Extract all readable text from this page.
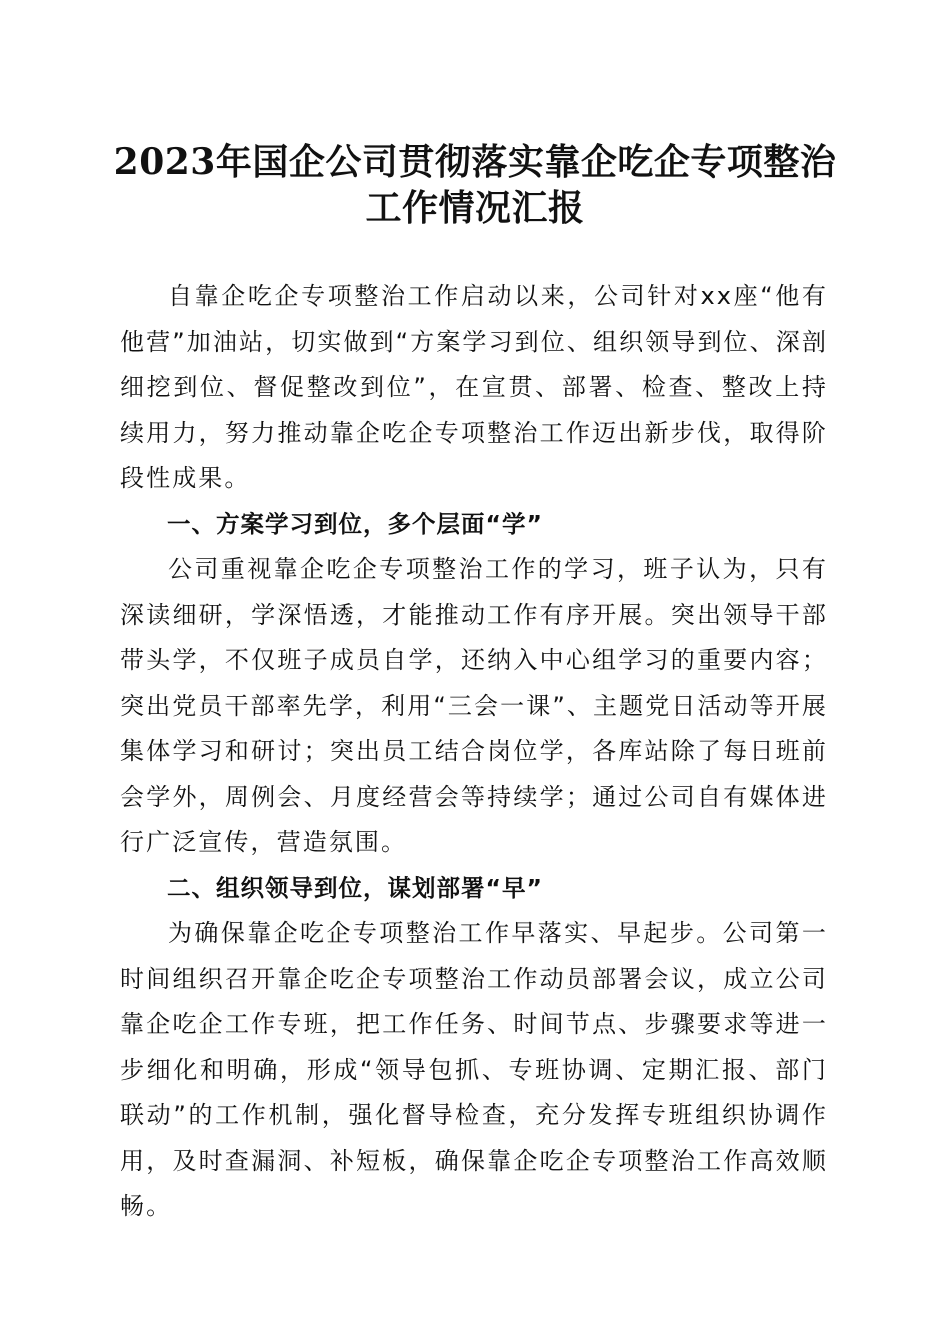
2023年国企公司贯彻落实靠企吃企专项整治
工作情况汇报

自靠企吃企专项整治工作启动以来，公司针对xx座“他有他营”加油站，切实做到“方案学习到位、组织领导到位、深剖细挖到位、督促整改到位”，在宣贯、部署、检查、整改上持续用力，努力推动靠企吃企专项整治工作迈出新步伐，取得阶段性成果。

一、方案学习到位，多个层面“学”

公司重视靠企吃企专项整治工作的学习，班子认为，只有深读细研，学深悟透，才能推动工作有序开展。突出领导干部带头学，不仅班子成员自学，还纳入中心组学习的重要内容；突出党员干部率先学，利用“三会一课”、主题党日活动等开展集体学习和研讨；突出员工结合岗位学，各库站除了每日班前会学外，周例会、月度经营会等持续学；通过公司自有媒体进行广泛宣传，营造氛围。

二、组织领导到位，谋划部署“早”

为确保靠企吃企专项整治工作早落实、早起步。公司第一时间组织召开靠企吃企专项整治工作动员部署会议，成立公司靠企吃企工作专班，把工作任务、时间节点、步骤要求等进一步细化和明确，形成“领导包抓、专班协调、定期汇报、部门联动”的工作机制，强化督导检查，充分发挥专班组织协调作用，及时查漏洞、补短板，确保靠企吃企专项整治工作高效顺畅。
